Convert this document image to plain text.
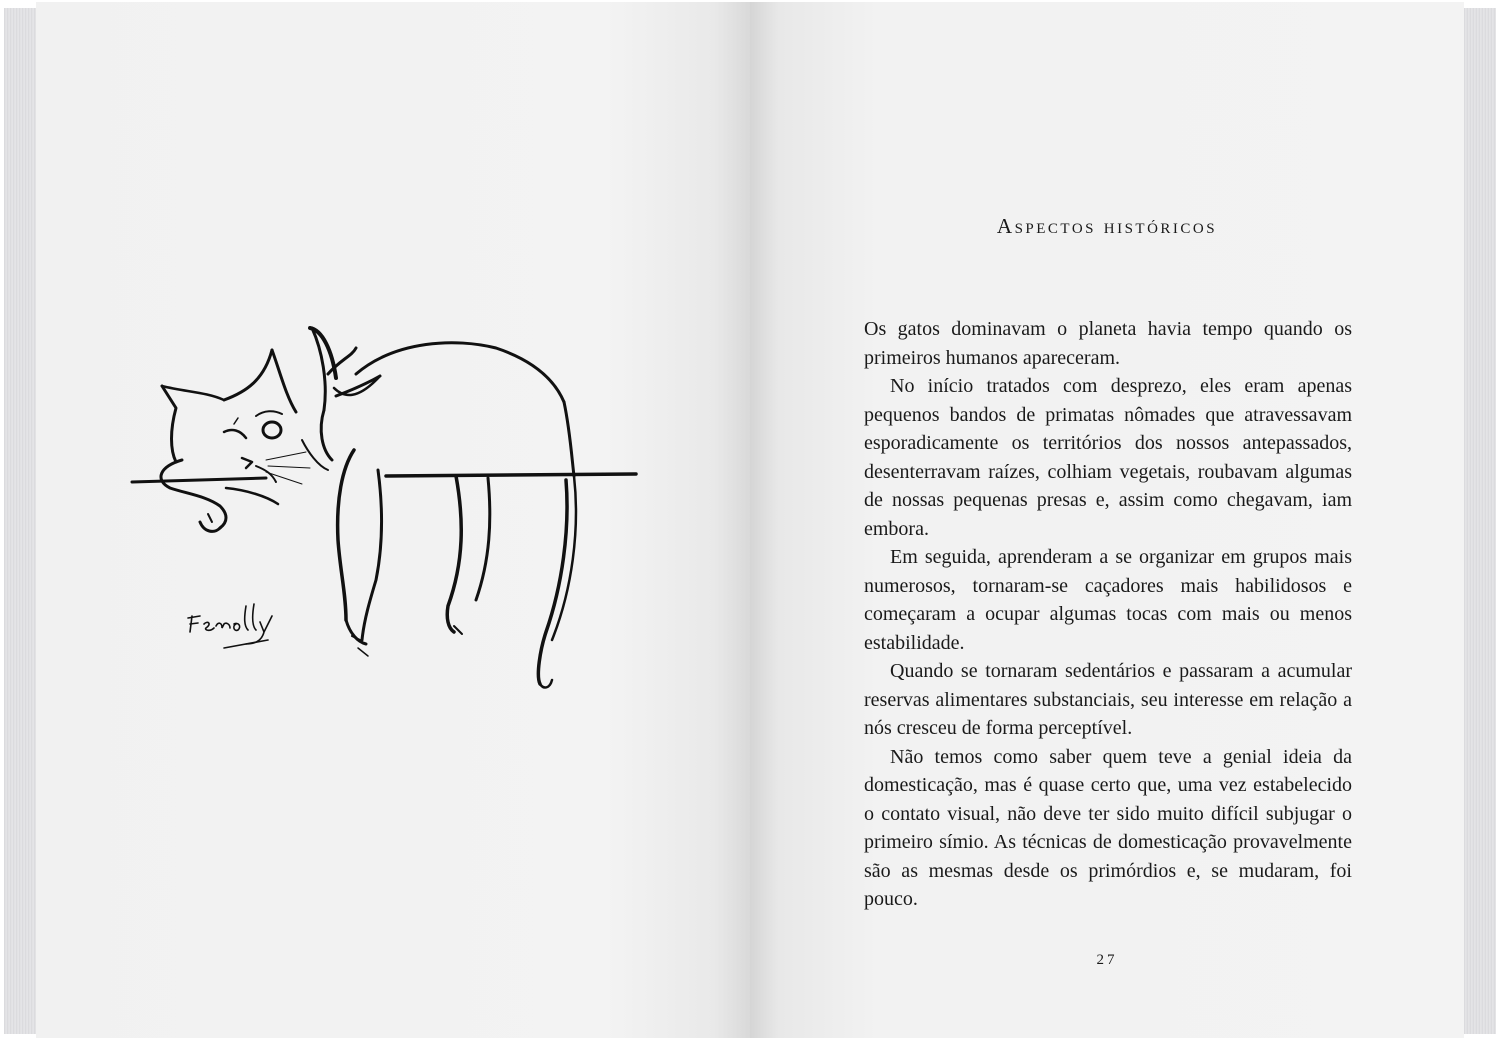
Aspectos históricos

Os gatos dominavam o planeta havia tempo quando os primeiros humanos apareceram.

No início tratados com desprezo, eles eram apenas pequenos bandos de primatas nômades que atravessavam esporadicamente os territórios dos nossos antepassados, desenterravam raízes, colhiam vegetais, roubavam algumas de nossas pequenas presas e, assim como chegavam, iam embora.

Em seguida, aprenderam a se organizar em grupos mais numerosos, tornaram-se caçadores mais habilidosos e começaram a ocupar algumas tocas com mais ou menos estabilidade.

Quando se tornaram sedentários e passaram a acumular reservas alimentares substanciais, seu interesse em relação a nós cresceu de forma perceptível.

Não temos como saber quem teve a genial ideia da domesticação, mas é quase certo que, uma vez estabelecido o contato visual, não deve ter sido muito difícil subjugar o primeiro símio. As técnicas de domesticação provavelmente são as mesmas desde os primórdios e, se mudaram, foi pouco.

27
